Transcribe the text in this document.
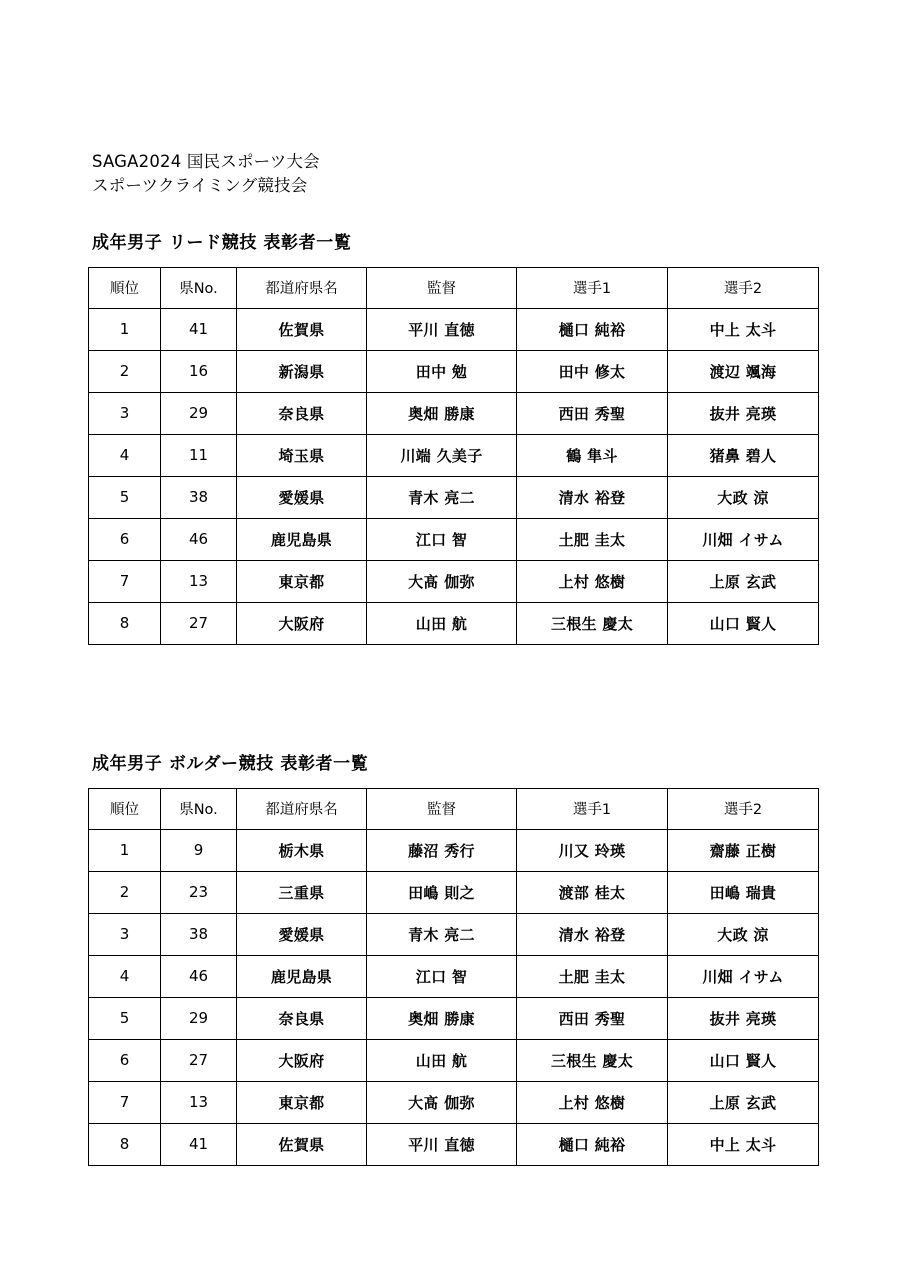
SAGA2024 国民スポーツ大会
スポーツクライミング競技会
成年男子 リード競技 表彰者一覧
順位	県No.	都道府県名	監督	選手1	選手2
1	41	佐賀県	平川 直徳	樋口 純裕	中上 太斗
2	16	新潟県	田中 勉	田中 修太	渡辺 颯海
3	29	奈良県	奥畑 勝康	西田 秀聖	抜井 亮瑛
4	11	埼玉県	川端 久美子	鶴 隼斗	猪鼻 碧人
5	38	愛媛県	青木 亮二	清水 裕登	大政 涼
6	46	鹿児島県	江口 智	土肥 圭太	川畑 イサム
7	13	東京都	大髙 伽弥	上村 悠樹	上原 玄武
8	27	大阪府	山田 航	三根生 慶太	山口 賢人
成年男子 ボルダー競技 表彰者一覧
順位	県No.	都道府県名	監督	選手1	選手2
1	9	栃木県	藤沼 秀行	川又 玲瑛	齋藤 正樹
2	23	三重県	田嶋 則之	渡部 桂太	田嶋 瑞貴
3	38	愛媛県	青木 亮二	清水 裕登	大政 涼
4	46	鹿児島県	江口 智	土肥 圭太	川畑 イサム
5	29	奈良県	奥畑 勝康	西田 秀聖	抜井 亮瑛
6	27	大阪府	山田 航	三根生 慶太	山口 賢人
7	13	東京都	大髙 伽弥	上村 悠樹	上原 玄武
8	41	佐賀県	平川 直徳	樋口 純裕	中上 太斗
